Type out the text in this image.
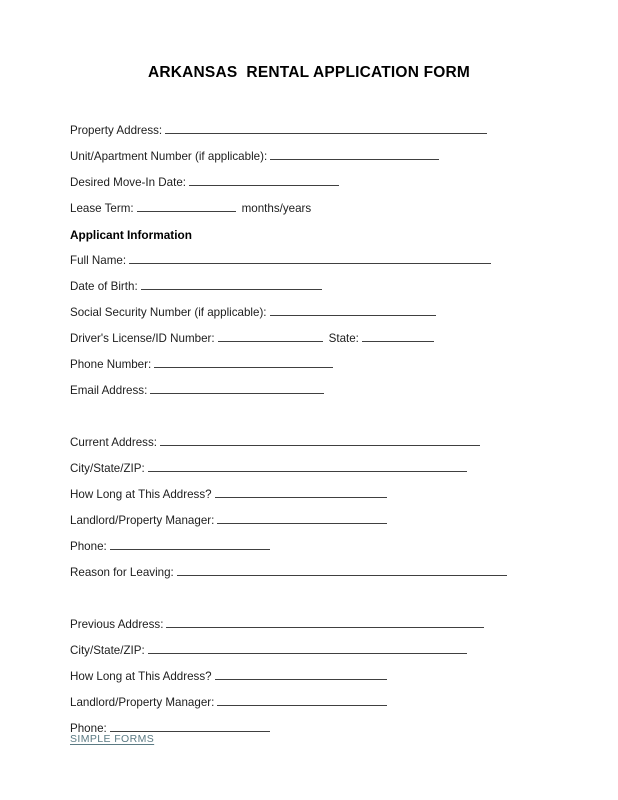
ARKANSAS  RENTAL APPLICATION FORM
Property Address:
Unit/Apartment Number (if applicable):
Desired Move-In Date:
Lease Term:	months/years
Applicant Information
Full Name:
Date of Birth:
Social Security Number (if applicable):
Driver's License/ID Number:	State:
Phone Number:
Email Address:
Current Address:
City/State/ZIP:
How Long at This Address?
Landlord/Property Manager:
Phone:
Reason for Leaving:
Previous Address:
City/State/ZIP:
How Long at This Address?
Landlord/Property Manager:
Phone:
SIMPLE FORMS
